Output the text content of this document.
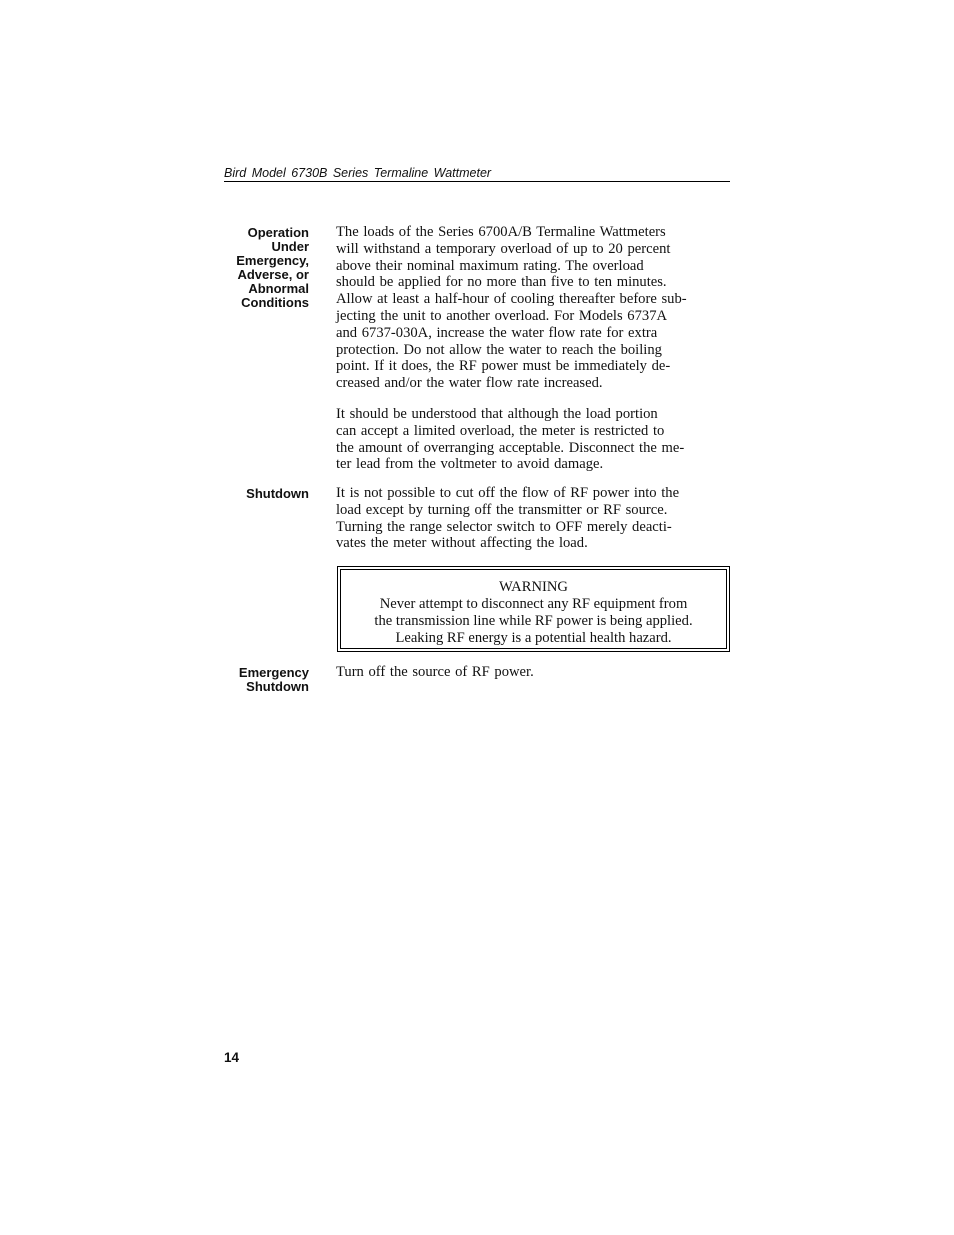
Bird Model 6730B Series Termaline Wattmeter
Operation
Under
Emergency,
Adverse, or
Abnormal
Conditions
The loads of the Series 6700A/B Termaline Wattmeters
will withstand a temporary overload of up to 20 percent
above their nominal maximum rating. The overload
should be applied for no more than five to ten minutes.
Allow at least a half-hour of cooling thereafter before sub-
jecting the unit to another overload. For Models 6737A
and 6737-030A, increase the water flow rate for extra
protection. Do not allow the water to reach the boiling
point. If it does, the RF power must be immediately de-
creased and/or the water flow rate increased.
It should be understood that although the load portion
can accept a limited overload, the meter is restricted to
the amount of overranging acceptable. Disconnect the me-
ter lead from the voltmeter to avoid damage.
Shutdown It is not possible to cut off the flow of RF power into the
load except by turning off the transmitter or RF source.
Turning the range selector switch to OFF merely deacti-
vates the meter without affecting the load.
WARNING
Never attempt to disconnect any RF equipment from
the transmission line while RF power is being applied.
Leaking RF energy is a potential health hazard.
Emergency
Shutdown
Turn off the source of RF power.
14
